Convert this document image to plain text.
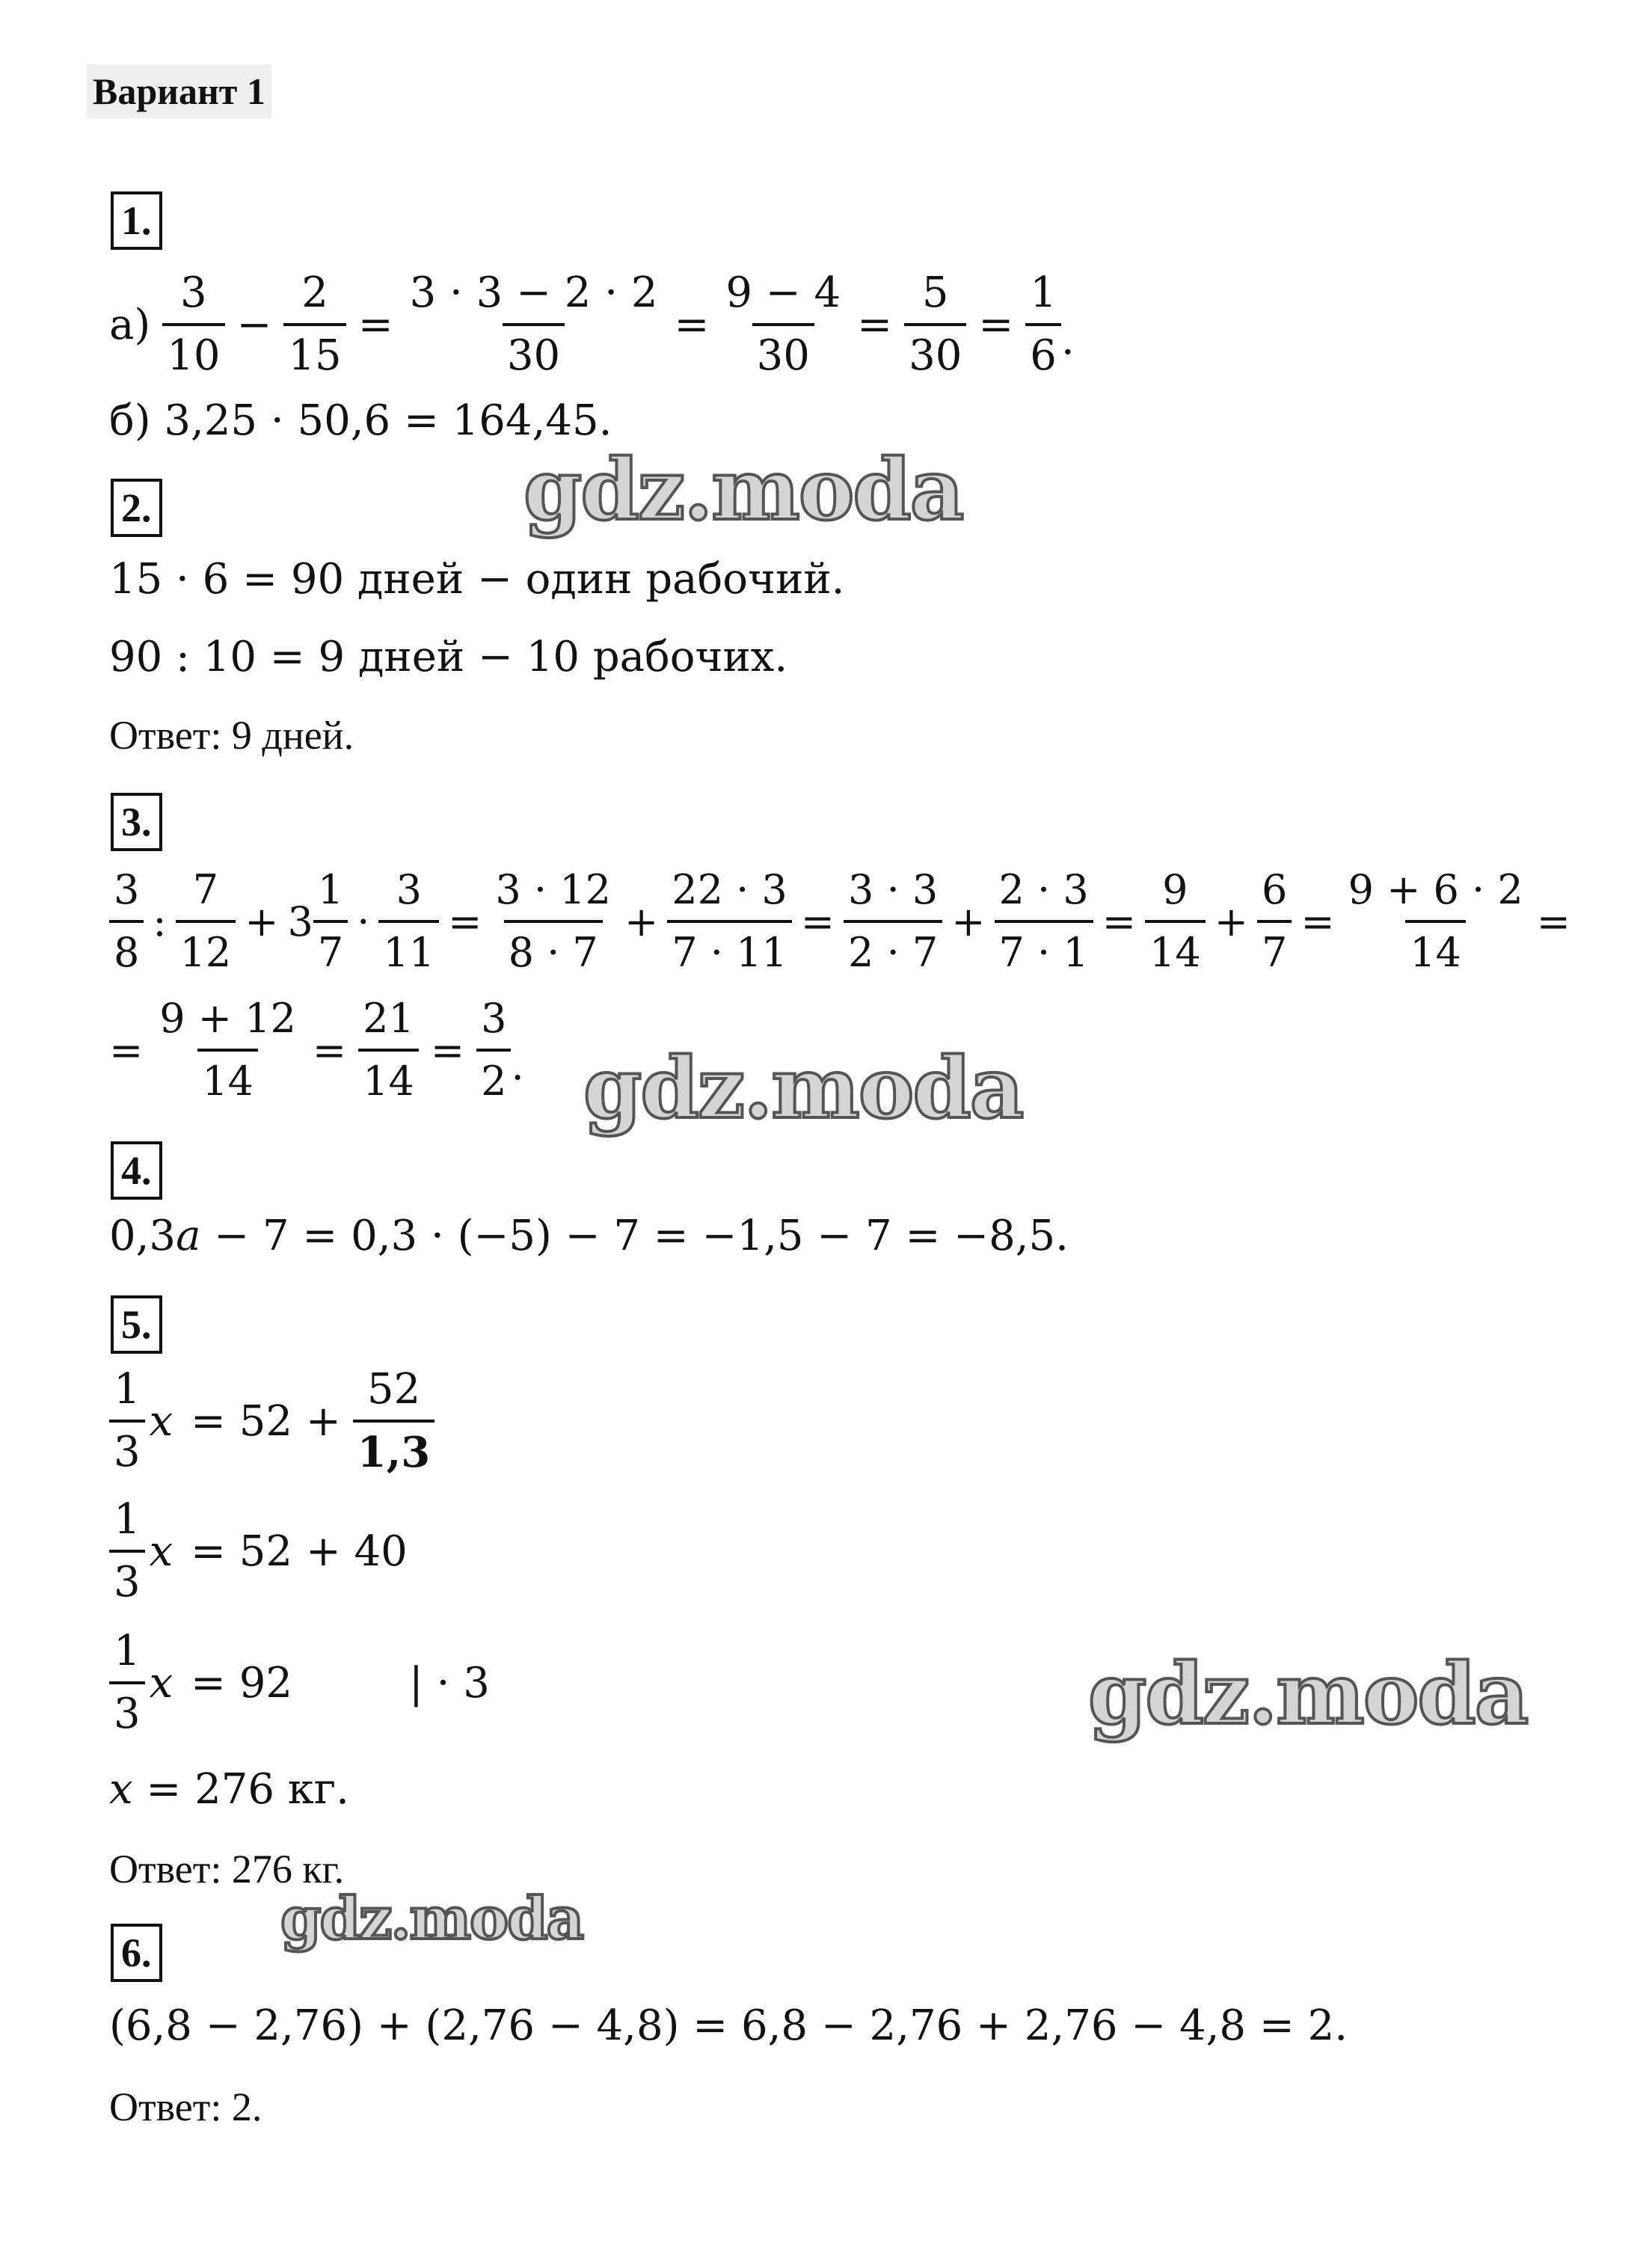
Вариант 1
1.
$а) \frac{3}{10} - \frac{2}{15} = \frac{3 \cdot 3 - 2 \cdot 2}{30} = \frac{9 - 4}{30} = \frac{5}{30} = \frac{1}{6}$ .
б) 3,25 · 50,6 = 164,45.
2.
15 · 6 = 90 дней − один рабочий.
90 : 10 = 9 дней − 10 рабочих.
Ответ: 9 дней.
3.
$\frac{3}{8}$ : $\frac{7}{12} + 3 \frac{1}{7} \cdot \frac{3}{11} = \frac{3 \cdot 12}{8 \cdot 7} + \frac{22 \cdot 3}{7 \cdot 11} = \frac{3 \cdot 3}{2 \cdot 7} + \frac{2 \cdot 3}{7 \cdot 1} = \frac{9}{14} + \frac{6}{7} = \frac{9 + 6 \cdot 2}{14}$ =
= $\frac{9 + 12}{14} = \frac{21}{14} = \frac{3}{2}$ .
4.
0,3 a − 7 = 0,3 · (−5) − 7 = −1,5 − 7 = −8,5.
5.
$\frac{1}{3}$ $x = 52 + \frac{52}{1,3}$
$\frac{1}{3}$ x = 52 + 40
$\frac{1}{3}$ x = 92	| · 3
x = 276 кг.
Ответ: 276 кг.
6.
(6,8 − 2,76) + (2,76 − 4,8) = 6,8 − 2,76 + 2,76 − 4,8 = 2.
Ответ: 2.
gdz.moda
gdz.moda
gdz.moda
gdz.moda
